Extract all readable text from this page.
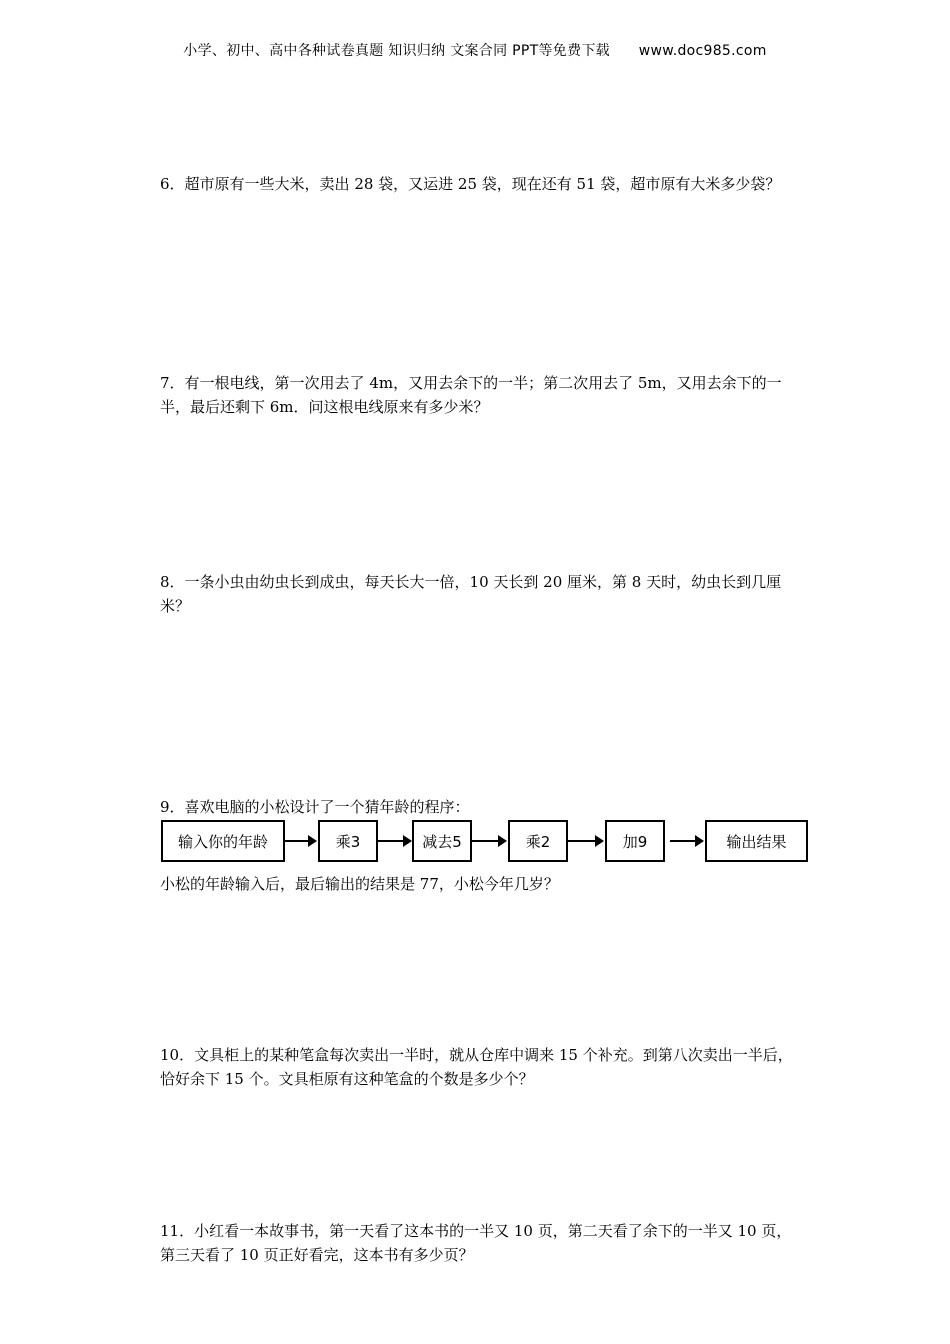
小学、初中、高中各种试卷真题 知识归纳 文案合同 PPT等免费下载 www.doc985.com
6．超市原有一些大米，卖出 28 袋，又运进 25 袋，现在还有 51 袋，超市原有大米多少袋？
7．有一根电线，第一次用去了 4m，又用去余下的一半；第二次用去了 5m，又用去余下的一半，最后还剩下 6m．问这根电线原来有多少米？
8．一条小虫由幼虫长到成虫，每天长大一倍，10 天长到 20 厘米，第 8 天时，幼虫长到几厘米？
9．喜欢电脑的小松设计了一个猜年龄的程序：
输入你的年龄	乘3	减去5	乘2	加9	输出结果
小松的年龄输入后，最后输出的结果是 77，小松今年几岁？
10．文具柜上的某种笔盒每次卖出一半时，就从仓库中调来 15 个补充。到第八次卖出一半后，恰好余下 15 个。文具柜原有这种笔盒的个数是多少个？
11．小红看一本故事书，第一天看了这本书的一半又 10 页，第二天看了余下的一半又 10 页，第三天看了 10 页正好看完，这本书有多少页？
